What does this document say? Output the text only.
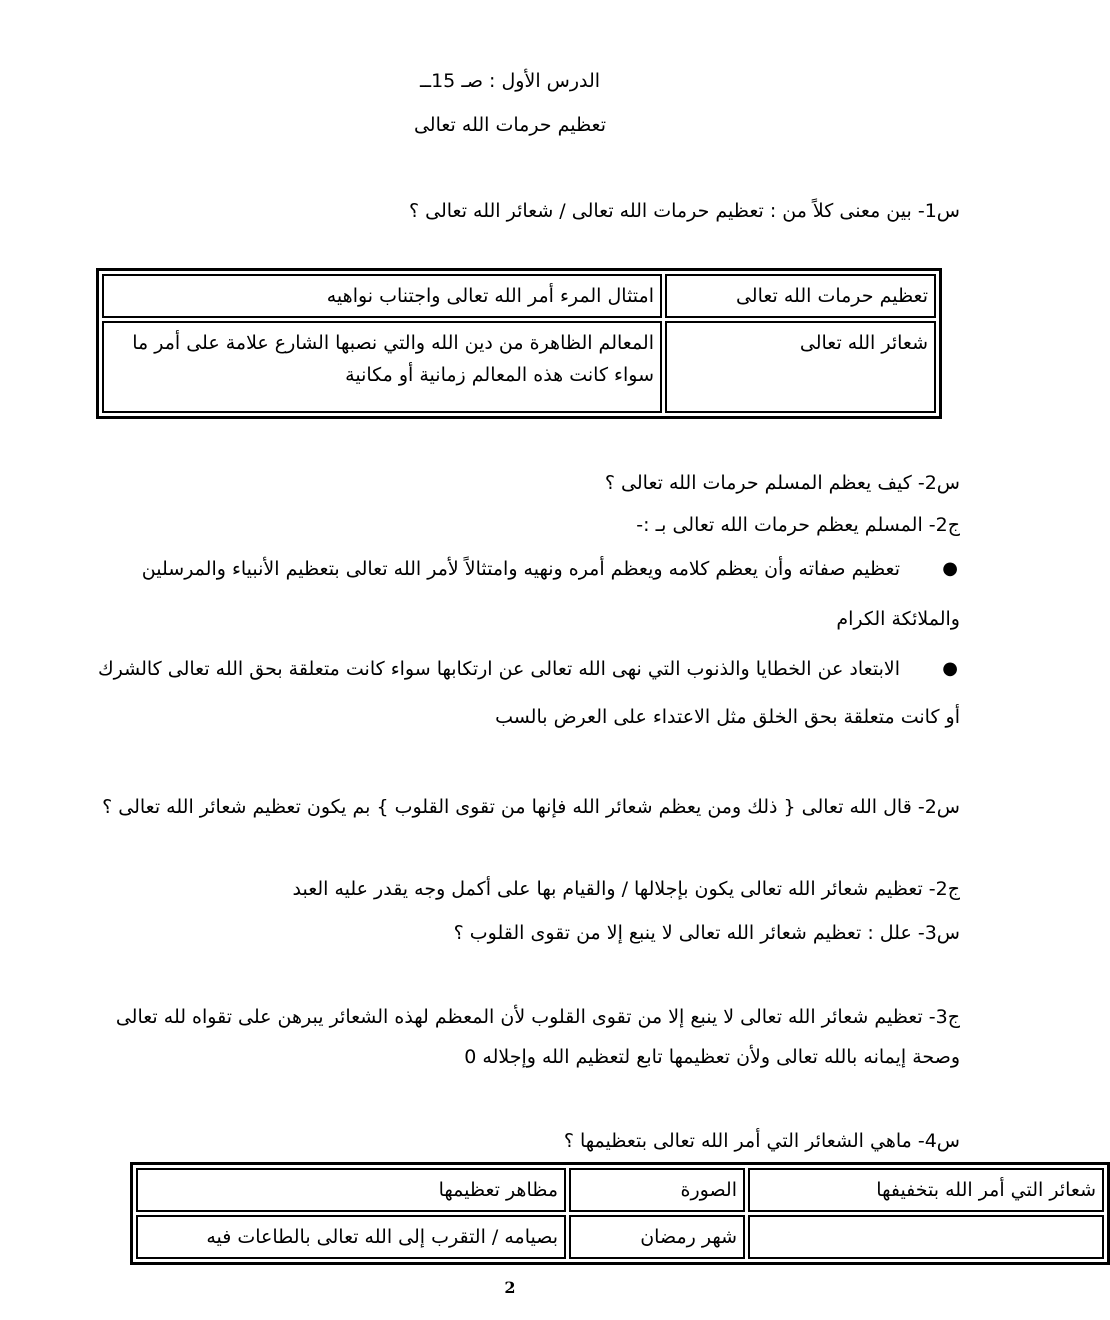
الدرس الأول : صـ 15ــ
تعظيم حرمات الله تعالى
س1- بين معنى كلاً من : تعظيم حرمات الله تعالى / شعائر الله تعالى ؟
تعظيم حرمات الله تعالى	امتثال المرء أمر الله تعالى واجتناب نواهيه
شعائر الله تعالى	المعالم الظاهرة من دين الله والتي نصبها الشارع علامة على أمر ما
سواء كانت هذه المعالم زمانية أو مكانية
س2- كيف يعظم المسلم حرمات الله تعالى ؟
ج2- المسلم يعظم حرمات الله تعالى بـ :-
●
تعظيم صفاته وأن يعظم كلامه ويعظم أمره ونهيه وامتثالاً لأمر الله تعالى بتعظيم الأنبياء والمرسلين
والملائكة الكرام
●
الابتعاد عن الخطايا والذنوب التي نهى الله تعالى عن ارتكابها سواء كانت متعلقة بحق الله تعالى كالشرك
أو كانت متعلقة بحق الخلق مثل الاعتداء على العرض بالسب
س2- قال الله تعالى { ذلك ومن يعظم شعائر الله فإنها من تقوى القلوب } بم يكون تعظيم شعائر الله تعالى ؟
ج2- تعظيم شعائر الله تعالى يكون بإجلالها / والقيام بها على أكمل وجه يقدر عليه العبد
س3- علل : تعظيم شعائر الله تعالى لا ينبع إلا من تقوى القلوب ؟
ج3- تعظيم شعائر الله تعالى لا ينبع إلا من تقوى القلوب لأن المعظم لهذه الشعائر يبرهن على تقواه لله تعالى
وصحة إيمانه بالله تعالى ولأن تعظيمها تابع لتعظيم الله وإجلاله 0
س4- ماهي الشعائر التي أمر الله تعالى بتعظيمها ؟
شعائر التي أمر الله بتخفيفها	الصورة	مظاهر تعظيمها
	شهر رمضان	بصيامه / التقرب إلى الله تعالى بالطاعات فيه
2
